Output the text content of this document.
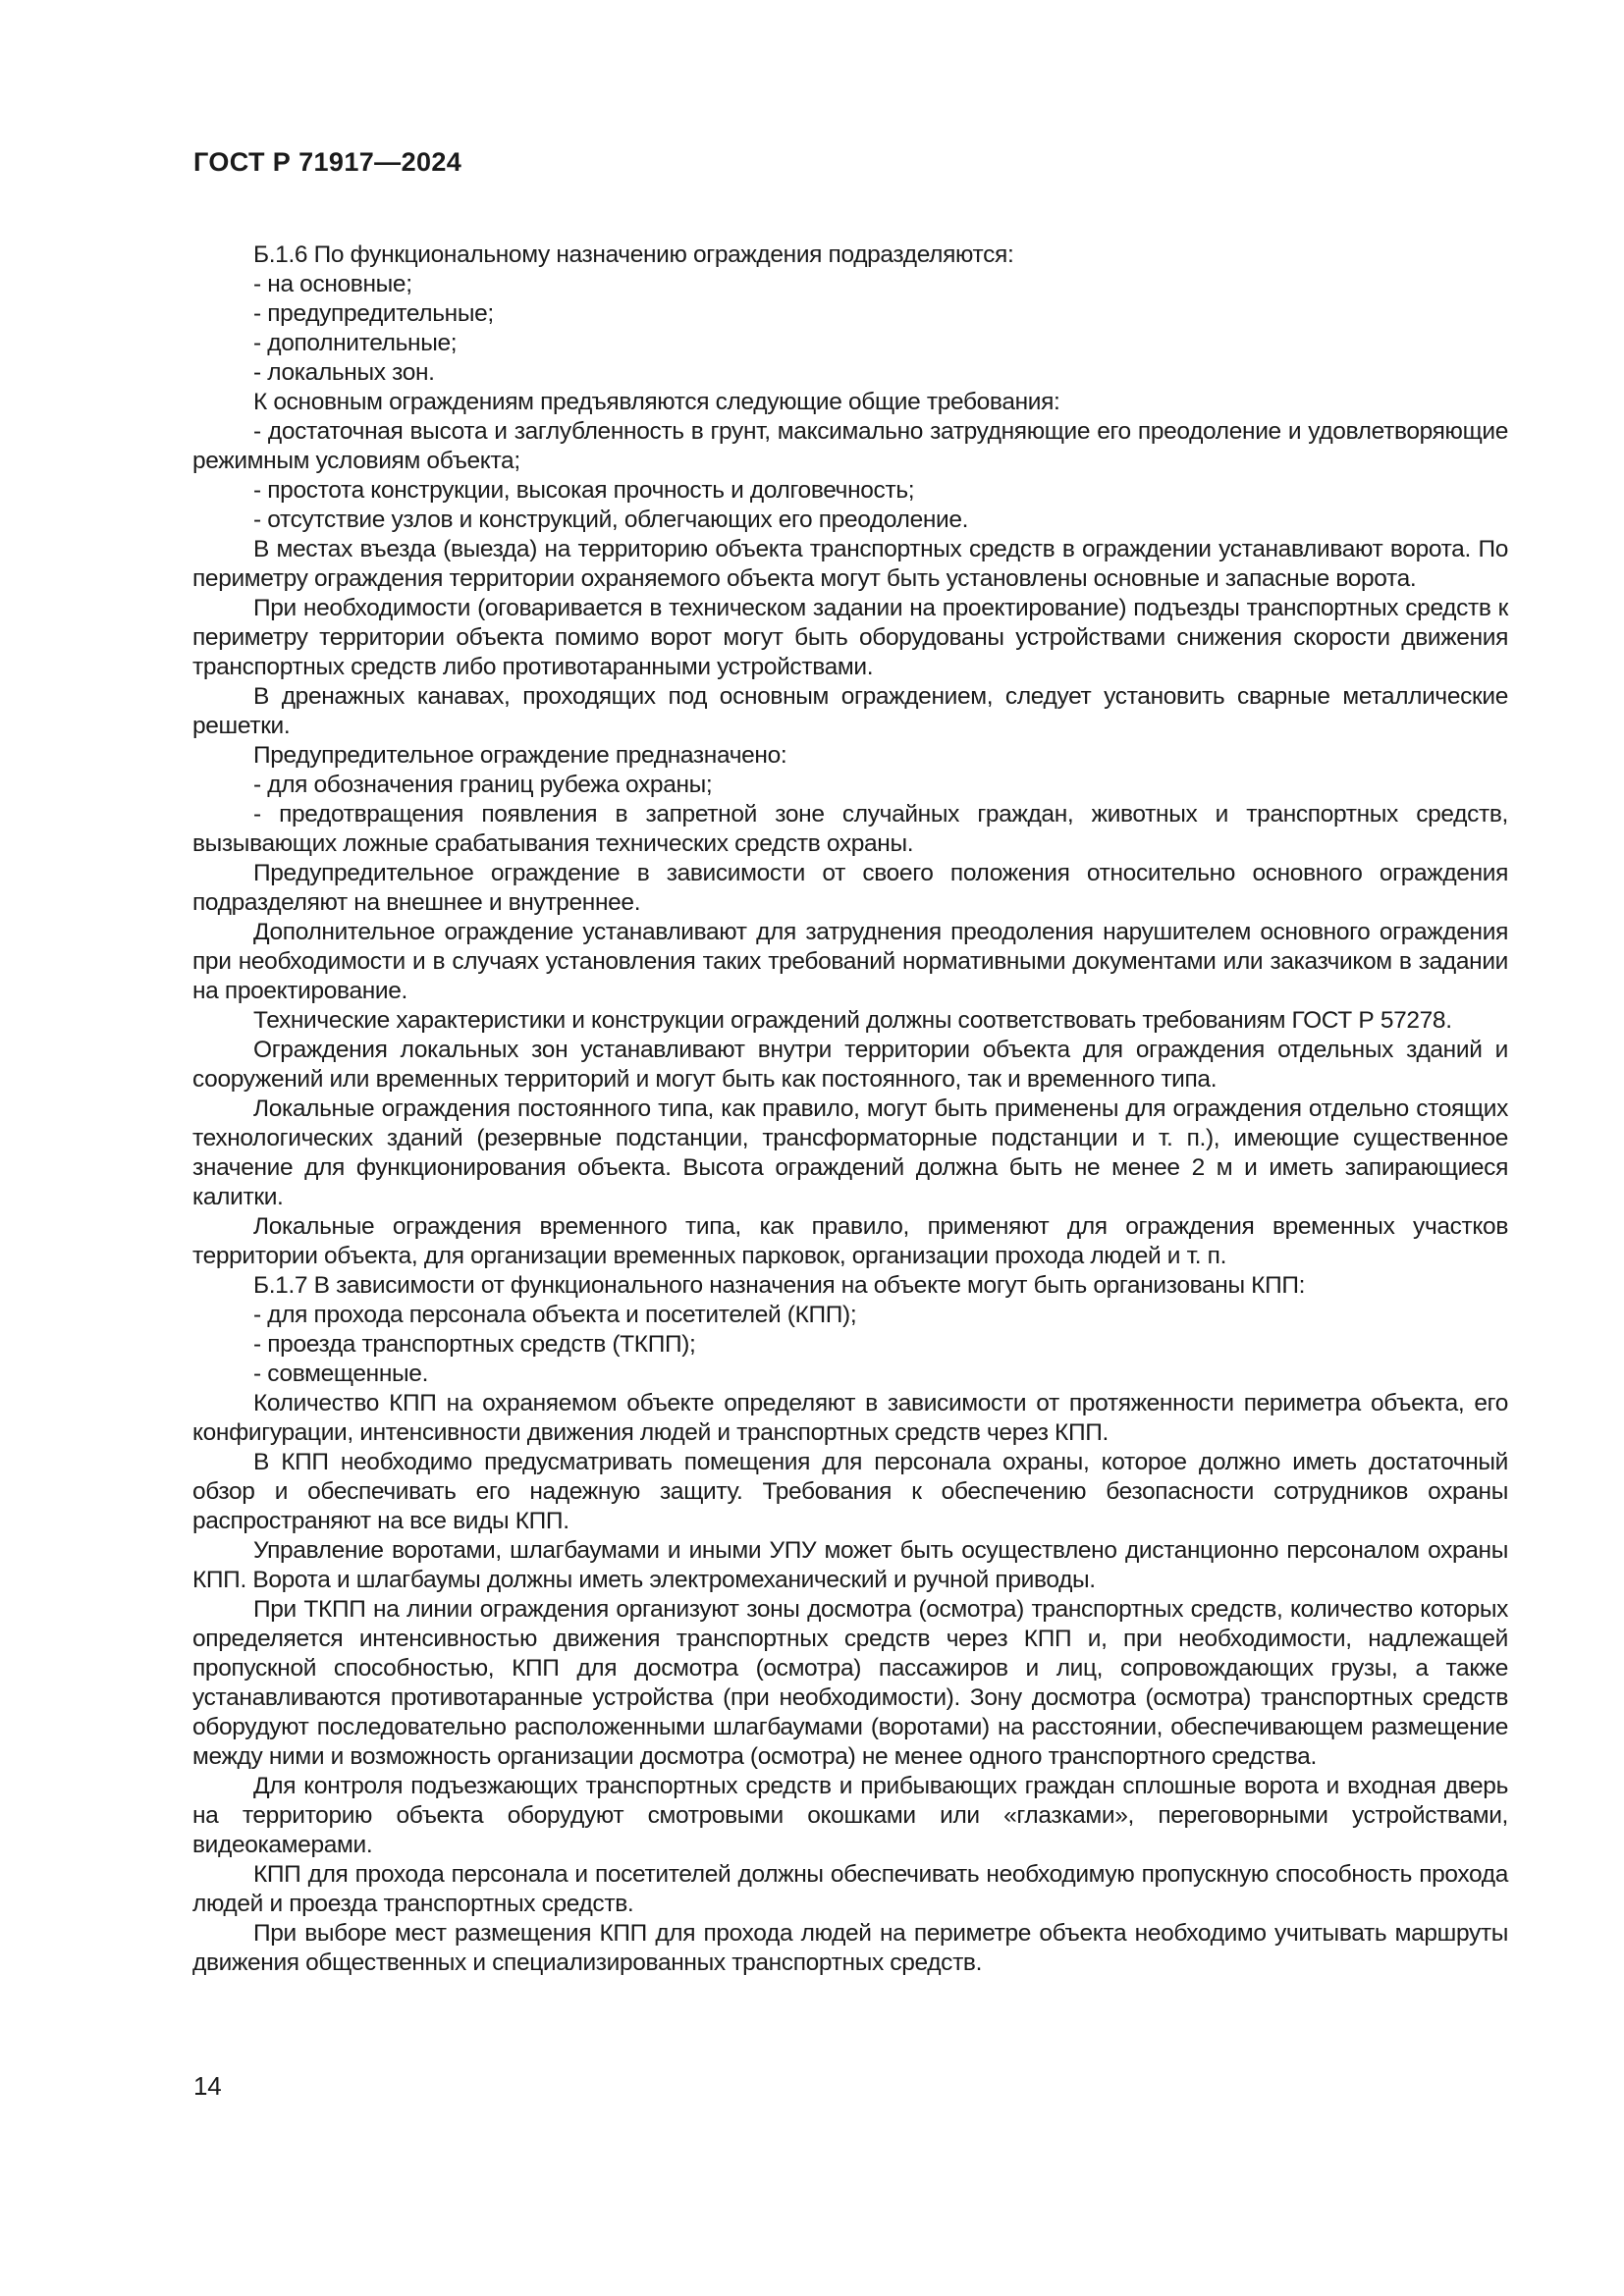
ГОСТ Р 71917—2024

Б.1.6 По функциональному назначению ограждения подразделяются:

- на основные;

- предупредительные;

- дополнительные;

- локальных зон.

К основным ограждениям предъявляются следующие общие требования:

- достаточная высота и заглубленность в грунт, максимально затрудняющие его преодоление и удовлетворяющие режимным условиям объекта;

- простота конструкции, высокая прочность и долговечность;

- отсутствие узлов и конструкций, облегчающих его преодоление.

В местах въезда (выезда) на территорию объекта транспортных средств в ограждении устанавливают ворота. По периметру ограждения территории охраняемого объекта могут быть установлены основные и запасные ворота.

При необходимости (оговаривается в техническом задании на проектирование) подъезды транспортных средств к периметру территории объекта помимо ворот могут быть оборудованы устройствами снижения скорости движения транспортных средств либо противотаранными устройствами.

В дренажных канавах, проходящих под основным ограждением, следует установить сварные металлические решетки.

Предупредительное ограждение предназначено:

- для обозначения границ рубежа охраны;

- предотвращения появления в запретной зоне случайных граждан, животных и транспортных средств, вызывающих ложные срабатывания технических средств охраны.

Предупредительное ограждение в зависимости от своего положения относительно основного ограждения подразделяют на внешнее и внутреннее.

Дополнительное ограждение устанавливают для затруднения преодоления нарушителем основного ограждения при необходимости и в случаях установления таких требований нормативными документами или заказчиком в задании на проектирование.

Технические характеристики и конструкции ограждений должны соответствовать требованиям ГОСТ Р 57278.

Ограждения локальных зон устанавливают внутри территории объекта для ограждения отдельных зданий и сооружений или временных территорий и могут быть как постоянного, так и временного типа.

Локальные ограждения постоянного типа, как правило, могут быть применены для ограждения отдельно стоящих технологических зданий (резервные подстанции, трансформаторные подстанции и т. п.), имеющие существенное значение для функционирования объекта. Высота ограждений должна быть не менее 2 м и иметь запирающиеся калитки.

Локальные ограждения временного типа, как правило, применяют для ограждения временных участков территории объекта, для организации временных парковок, организации прохода людей и т. п.

Б.1.7 В зависимости от функционального назначения на объекте могут быть организованы КПП:

- для прохода персонала объекта и посетителей (КПП);

- проезда транспортных средств (ТКПП);

- совмещенные.

Количество КПП на охраняемом объекте определяют в зависимости от протяженности периметра объекта, его конфигурации, интенсивности движения людей и транспортных средств через КПП.

В КПП необходимо предусматривать помещения для персонала охраны, которое должно иметь достаточный обзор и обеспечивать его надежную защиту. Требования к обеспечению безопасности сотрудников охраны распространяют на все виды КПП.

Управление воротами, шлагбаумами и иными УПУ может быть осуществлено дистанционно персоналом охраны КПП. Ворота и шлагбаумы должны иметь электромеханический и ручной приводы.

При ТКПП на линии ограждения организуют зоны досмотра (осмотра) транспортных средств, количество которых определяется интенсивностью движения транспортных средств через КПП и, при необходимости, надлежащей пропускной способностью, КПП для досмотра (осмотра) пассажиров и лиц, сопровождающих грузы, а также устанавливаются противотаранные устройства (при необходимости). Зону досмотра (осмотра) транспортных средств оборудуют последовательно расположенными шлагбаумами (воротами) на расстоянии, обеспечивающем размещение между ними и возможность организации досмотра (осмотра) не менее одного транспортного средства.

Для контроля подъезжающих транспортных средств и прибывающих граждан сплошные ворота и входная дверь на территорию объекта оборудуют смотровыми окошками или «глазками», переговорными устройствами, видеокамерами.

КПП для прохода персонала и посетителей должны обеспечивать необходимую пропускную способность прохода людей и проезда транспортных средств.

При выборе мест размещения КПП для прохода людей на периметре объекта необходимо учитывать маршруты движения общественных и специализированных транспортных средств.

14
